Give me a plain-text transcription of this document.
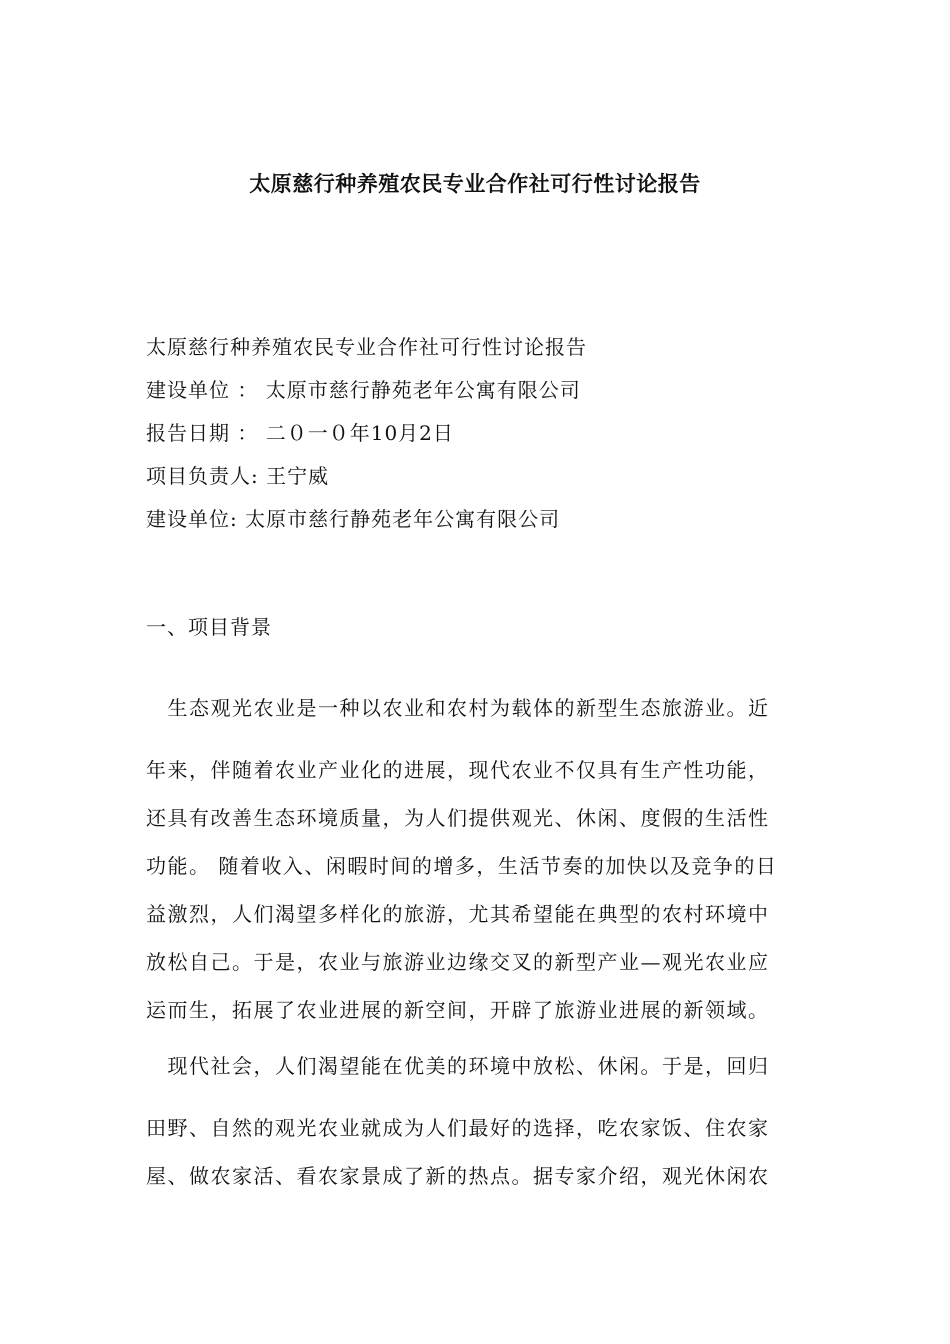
太原慈行种养殖农民专业合作社可行性讨论报告
太原慈行种养殖农民专业合作社可行性讨论报告
建设单位 ： 太原市慈行静苑老年公寓有限公司
报告日期 ： 二０一０年10月2日
项目负责人: 王宁威
建设单位: 太原市慈行静苑老年公寓有限公司
一、项目背景
　生态观光农业是一种以农业和农村为载体的新型生态旅游业。近
年来，伴随着农业产业化的进展，现代农业不仅具有生产性功能，
还具有改善生态环境质量，为人们提供观光、休闲、度假的生活性
功能。 随着收入、闲暇时间的增多，生活节奏的加快以及竞争的日
益激烈，人们渴望多样化的旅游，尤其希望能在典型的农村环境中
放松自己。于是，农业与旅游业边缘交叉的新型产业—观光农业应
运而生，拓展了农业进展的新空间，开辟了旅游业进展的新领域。
　现代社会，人们渴望能在优美的环境中放松、休闲。于是，回归
田野、自然的观光农业就成为人们最好的选择，吃农家饭、住农家
屋、做农家活、看农家景成了新的热点。据专家介绍，观光休闲农
